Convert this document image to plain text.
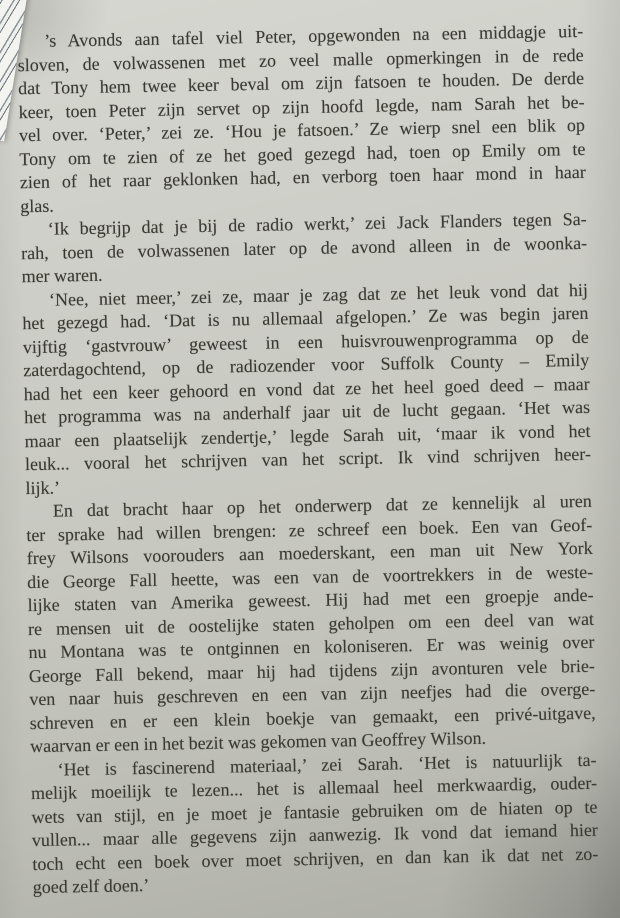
’s Avonds aan tafel viel Peter, opgewonden na een middagje uit-
sloven, de volwassenen met zo veel malle opmerkingen in de rede
dat Tony hem twee keer beval om zijn fatsoen te houden. De derde
keer, toen Peter zijn servet op zijn hoofd legde, nam Sarah het be-
vel over. ‘Peter,’ zei ze. ‘Hou je fatsoen.’ Ze wierp snel een blik op
Tony om te zien of ze het goed gezegd had, toen op Emily om te
zien of het raar geklonken had, en verborg toen haar mond in haar
glas.
‘Ik begrijp dat je bij de radio werkt,’ zei Jack Flanders tegen Sa-
rah, toen de volwassenen later op de avond alleen in de woonka-
mer waren.
‘Nee, niet meer,’ zei ze, maar je zag dat ze het leuk vond dat hij
het gezegd had. ‘Dat is nu allemaal afgelopen.’ Ze was begin jaren
vijftig ‘gastvrouw’ geweest in een huisvrouwenprogramma op de
zaterdagochtend, op de radiozender voor Suffolk County – Emily
had het een keer gehoord en vond dat ze het heel goed deed – maar
het programma was na anderhalf jaar uit de lucht gegaan. ‘Het was
maar een plaatselijk zendertje,’ legde Sarah uit, ‘maar ik vond het
leuk... vooral het schrijven van het script. Ik vind schrijven heer-
lijk.’
En dat bracht haar op het onderwerp dat ze kennelijk al uren
ter sprake had willen brengen: ze schreef een boek. Een van Geof-
frey Wilsons voorouders aan moederskant, een man uit New York
die George Fall heette, was een van de voortrekkers in de weste-
lijke staten van Amerika geweest. Hij had met een groepje ande-
re mensen uit de oostelijke staten geholpen om een deel van wat
nu Montana was te ontginnen en koloniseren. Er was weinig over
George Fall bekend, maar hij had tijdens zijn avonturen vele brie-
ven naar huis geschreven en een van zijn neefjes had die overge-
schreven en er een klein boekje van gemaakt, een privé-uitgave,
waarvan er een in het bezit was gekomen van Geoffrey Wilson.
‘Het is fascinerend materiaal,’ zei Sarah. ‘Het is natuurlijk ta-
melijk moeilijk te lezen... het is allemaal heel merkwaardig, ouder-
wets van stijl, en je moet je fantasie gebruiken om de hiaten op te
vullen... maar alle gegevens zijn aanwezig. Ik vond dat iemand hier
toch echt een boek over moet schrijven, en dan kan ik dat net zo-
goed zelf doen.’
